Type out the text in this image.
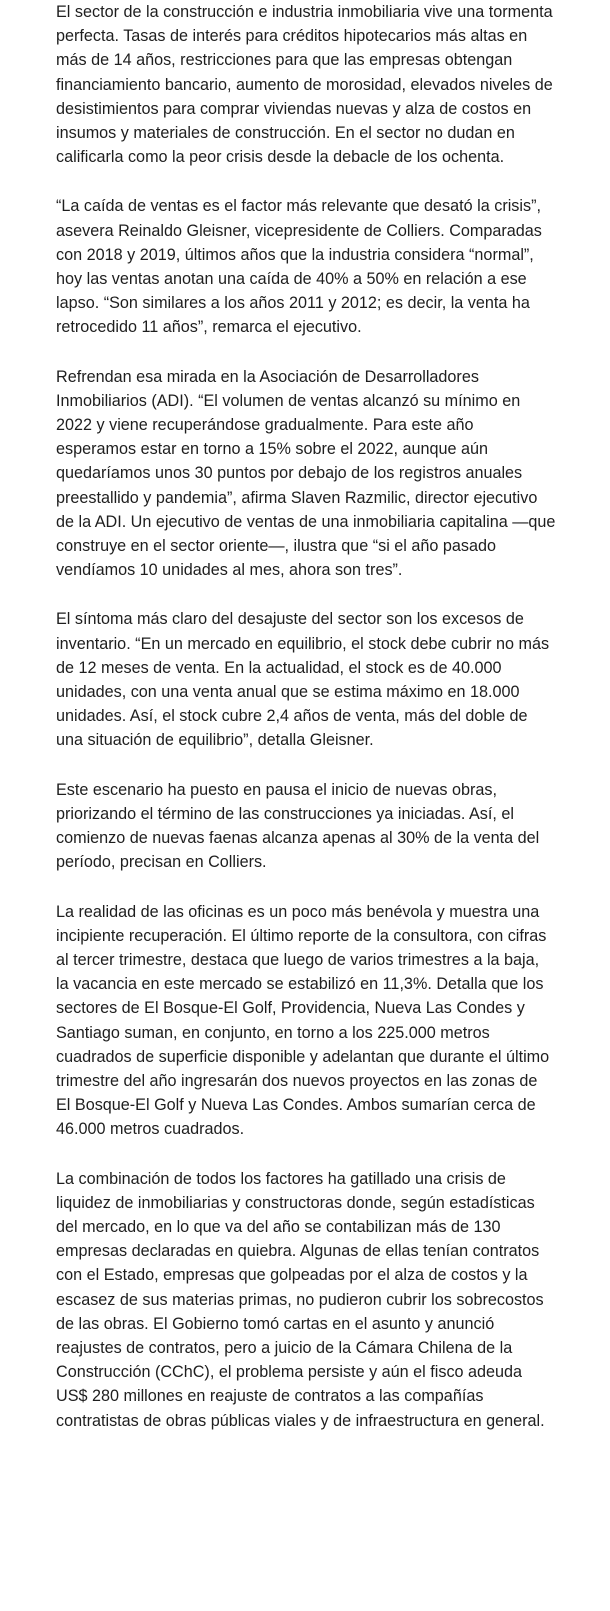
El sector de la construcción e industria inmobiliaria vive una tormenta perfecta. Tasas de interés para créditos hipotecarios más altas en más de 14 años, restricciones para que las empresas obtengan financiamiento bancario, aumento de morosidad, elevados niveles de desistimientos para comprar viviendas nuevas y alza de costos en insumos y materiales de construcción. En el sector no dudan en calificarla como la peor crisis desde la debacle de los ochenta.

“La caída de ventas es el factor más relevante que desató la crisis”, asevera Reinaldo Gleisner, vicepresidente de Colliers. Comparadas con 2018 y 2019, últimos años que la industria considera “normal”, hoy las ventas anotan una caída de 40% a 50% en relación a ese lapso. “Son similares a los años 2011 y 2012; es decir, la venta ha retrocedido 11 años”, remarca el ejecutivo.

Refrendan esa mirada en la Asociación de Desarrolladores Inmobiliarios (ADI). “El volumen de ventas alcanzó su mínimo en 2022 y viene recuperándose gradualmente. Para este año esperamos estar en torno a 15% sobre el 2022, aunque aún quedaríamos unos 30 puntos por debajo de los registros anuales preestallido y pandemia”, afirma Slaven Razmilic, director ejecutivo de la ADI. Un ejecutivo de ventas de una inmobiliaria capitalina —que construye en el sector oriente—, ilustra que “si el año pasado vendíamos 10 unidades al mes, ahora son tres”.

El síntoma más claro del desajuste del sector son los excesos de inventario. “En un mercado en equilibrio, el stock debe cubrir no más de 12 meses de venta. En la actualidad, el stock es de 40.000 unidades, con una venta anual que se estima máximo en 18.000 unidades. Así, el stock cubre 2,4 años de venta, más del doble de una situación de equilibrio”, detalla Gleisner.

Este escenario ha puesto en pausa el inicio de nuevas obras, priorizando el término de las construcciones ya iniciadas. Así, el comienzo de nuevas faenas alcanza apenas al 30% de la venta del período, precisan en Colliers.

La realidad de las oficinas es un poco más benévola y muestra una incipiente recuperación. El último reporte de la consultora, con cifras al tercer trimestre, destaca que luego de varios trimestres a la baja, la vacancia en este mercado se estabilizó en 11,3%. Detalla que los sectores de El Bosque-El Golf, Providencia, Nueva Las Condes y Santiago suman, en conjunto, en torno a los 225.000 metros cuadrados de superficie disponible y adelantan que durante el último trimestre del año ingresarán dos nuevos proyectos en las zonas de El Bosque-El Golf y Nueva Las Condes. Ambos sumarían cerca de 46.000 metros cuadrados.

La combinación de todos los factores ha gatillado una crisis de liquidez de inmobiliarias y constructoras donde, según estadísticas del mercado, en lo que va del año se contabilizan más de 130 empresas declaradas en quiebra. Algunas de ellas tenían contratos con el Estado, empresas que golpeadas por el alza de costos y la escasez de sus materias primas, no pudieron cubrir los sobrecostos de las obras. El Gobierno tomó cartas en el asunto y anunció reajustes de contratos, pero a juicio de la Cámara Chilena de la Construcción (CChC), el problema persiste y aún el fisco adeuda US$ 280 millones en reajuste de contratos a las compañías contratistas de obras públicas viales y de infraestructura en general.
